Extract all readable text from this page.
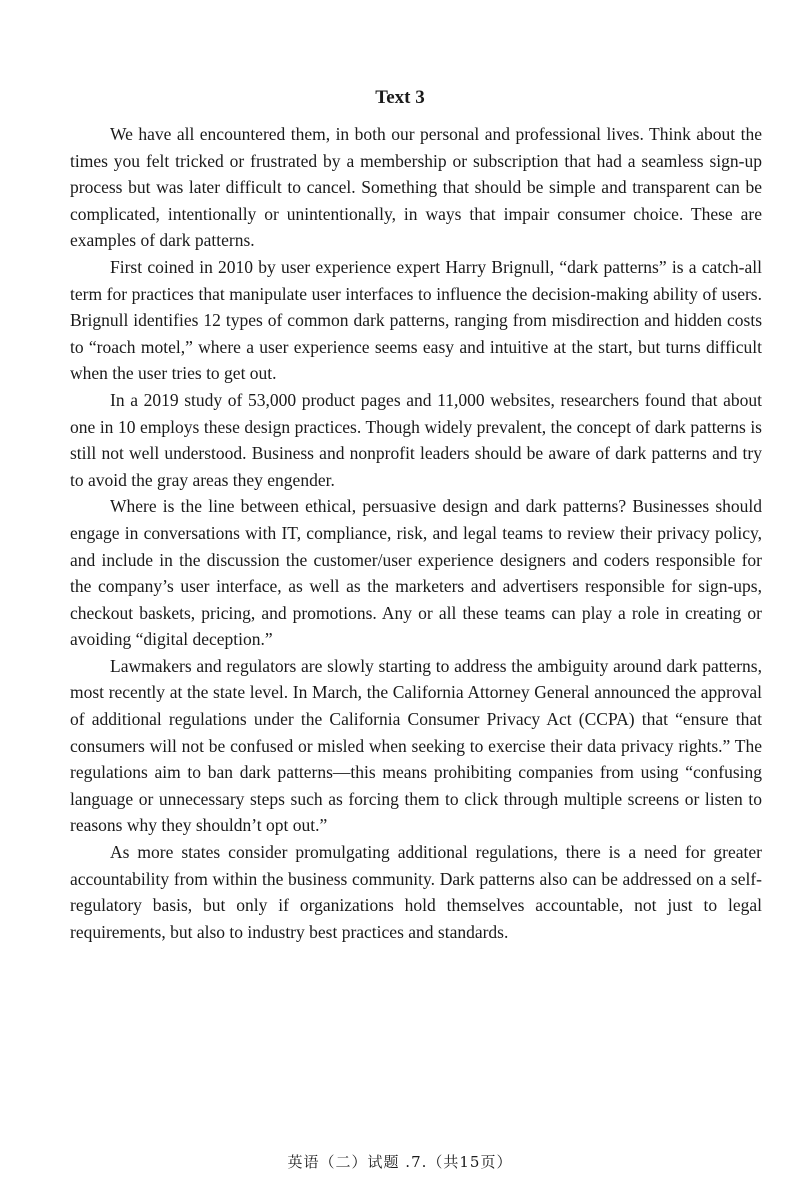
Text 3

We have all encountered them, in both our personal and professional lives. Think about the times you felt tricked or frustrated by a membership or subscription that had a seamless sign-up process but was later difficult to cancel. Something that should be simple and transparent can be complicated, intentionally or unintentionally, in ways that impair consumer choice. These are examples of dark patterns.

First coined in 2010 by user experience expert Harry Brignull, “dark patterns” is a catch-all term for practices that manipulate user interfaces to influence the decision-making ability of users. Brignull identifies 12 types of common dark patterns, ranging from misdirection and hidden costs to “roach motel,” where a user experience seems easy and intuitive at the start, but turns difficult when the user tries to get out.

In a 2019 study of 53,000 product pages and 11,000 websites, researchers found that about one in 10 employs these design practices. Though widely prevalent, the concept of dark patterns is still not well understood. Business and nonprofit leaders should be aware of dark patterns and try to avoid the gray areas they engender.

Where is the line between ethical, persuasive design and dark patterns? Businesses should engage in conversations with IT, compliance, risk, and legal teams to review their privacy policy, and include in the discussion the customer/user experience designers and coders responsible for the company’s user interface, as well as the marketers and advertisers responsible for sign-ups, checkout baskets, pricing, and promotions. Any or all these teams can play a role in creating or avoiding “digital deception.”

Lawmakers and regulators are slowly starting to address the ambiguity around dark patterns, most recently at the state level. In March, the California Attorney General announced the approval of additional regulations under the California Consumer Privacy Act (CCPA) that “ensure that consumers will not be confused or misled when seeking to exercise their data privacy rights.” The regulations aim to ban dark patterns—this means prohibiting companies from using “confusing language or unnecessary steps such as forcing them to click through multiple screens or listen to reasons why they shouldn’t opt out.”

As more states consider promulgating additional regulations, there is a need for greater accountability from within the business community. Dark patterns also can be addressed on a self-regulatory basis, but only if organizations hold themselves accountable, not just to legal requirements, but also to industry best practices and standards.

英语（二）试题 .7.（共15页）
